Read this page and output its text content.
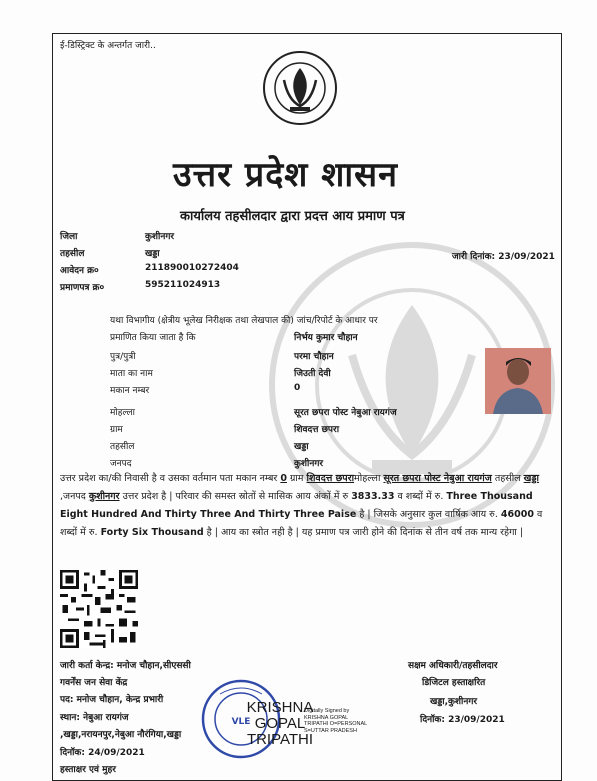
ई-डिस्ट्रिक्ट के अन्तर्गत जारी..
उत्तर प्रदेश शासन
कार्यालय तहसीलदार द्वारा प्रदत्त आय प्रमाण पत्र
जिला	कुशीनगर
तहसील	खड्डा	जारी दिनांक: 23/09/2021
आवेदन क्र०	211890010272404
प्रमाणपत्र क्र०	595211024913
यथा विभागीय (क्षेत्रीय भूलेख निरीक्षक तथा लेखपाल की) जांच/रिपोर्ट के आधार पर
प्रमाणित किया जाता है कि	निर्भय कुमार चौहान
पुत्र/पुत्री	परमा चौहान
माता का नाम	जिउती देवी
मकान नम्बर	0
मोहल्ला	सूरत छपरा पोस्ट नेबुआ रायगंज
ग्राम	शिवदत्त छपरा
तहसील	खड्डा
जनपद	कुशीनगर
उत्तर प्रदेश का/की निवासी है व उसका वर्तमान पता मकान नम्बर 0 ग्राम शिवदत्त छपरामोहल्ला सूरत छपरा पोस्ट नेबुआ रायगंज तहसील खड्डा ,जनपद कुशीनगर उत्तर प्रदेश है | परिवार की समस्त स्रोतों से मासिक आय अंकों में रु 3833.33 व शब्दों में रु. Three Thousand Eight Hundred And Thirty Three And Thirty Three Paise है | जिसके अनुसार कुल वार्षिक आय रु. 46000 व शब्दों में रु. Forty Six Thousand है | आय का स्त्रोत नही है | यह प्रमाण पत्र जारी होने की दिनांक से तीन वर्ष तक मान्य रहेगा |
जारी कर्ता केन्द्र: मनोज चौहान,सीएससी
गवर्नेंस जन सेवा केंद्र
पद: मनोज चौहान, केन्द्र प्रभारी
स्थान: नेबुआ रायगंज
,खड्डा,नरायनपुर,नेबुआ नौरंगिया,खड्डा
दिनॉक: 24/09/2021
हस्ताक्षर एवं मुहर
VLE
KRISHNA
GOPAL
TRIPATHI
Digitally Signed by
KRISHNA GOPAL
TRIPATHI O=PERSONAL
S=UTTAR PRADESH
सक्षम अधिकारी/तहसीलदार
डिजिटल हस्ताक्षरित
खड्डा,कुशीनगर
दिनॉक: 23/09/2021
